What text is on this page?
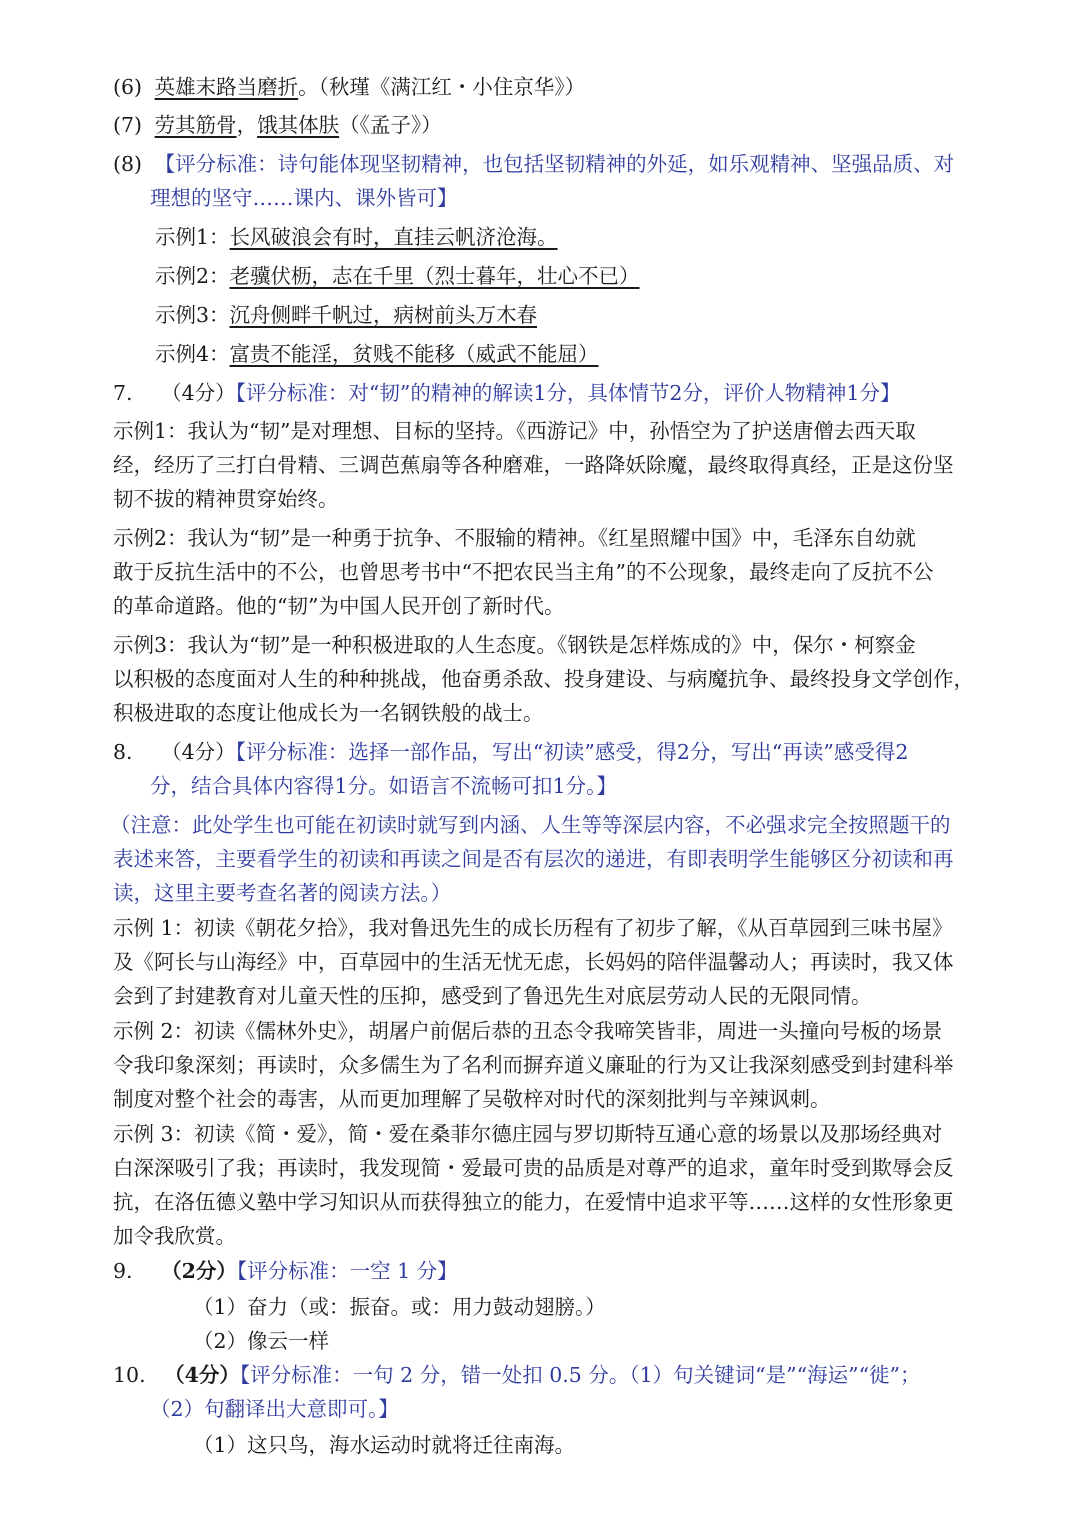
(6) 英雄末路当磨折。（秋瑾《满江红・小住京华》）
(7) 劳其筋骨，饿其体肤（《孟子》）
(8) 【评分标准：诗句能体现坚韧精神，也包括坚韧精神的外延，如乐观精神、坚强品质、对
理想的坚守……课内、课外皆可】
示例1：长风破浪会有时，直挂云帆济沧海。
示例2：老骥伏枥，志在千里（烈士暮年，壮心不已）
示例3：沉舟侧畔千帆过，病树前头万木春
示例4：富贵不能淫，贫贱不能移（威武不能屈）
7. （4分）【评分标准：对“韧”的精神的解读1分，具体情节2分，评价人物精神1分】
示例1：我认为“韧”是对理想、目标的坚持。《西游记》中，孙悟空为了护送唐僧去西天取
经，经历了三打白骨精、三调芭蕉扇等各种磨难，一路降妖除魔，最终取得真经，正是这份坚
韧不拔的精神贯穿始终。
示例2：我认为“韧”是一种勇于抗争、不服输的精神。《红星照耀中国》中，毛泽东自幼就
敢于反抗生活中的不公，也曾思考书中“不把农民当主角”的不公现象，最终走向了反抗不公
的革命道路。他的“韧”为中国人民开创了新时代。
示例3：我认为“韧”是一种积极进取的人生态度。《钢铁是怎样炼成的》中，保尔・柯察金
以积极的态度面对人生的种种挑战，他奋勇杀敌、投身建设、与病魔抗争、最终投身文学创作，
积极进取的态度让他成长为一名钢铁般的战士。
8. （4分）【评分标准：选择一部作品，写出“初读”感受，得2分，写出“再读”感受得2
分，结合具体内容得1分。如语言不流畅可扣1分。】
（注意：此处学生也可能在初读时就写到内涵、人生等等深层内容，不必强求完全按照题干的
表述来答，主要看学生的初读和再读之间是否有层次的递进，有即表明学生能够区分初读和再
读，这里主要考查名著的阅读方法。）
示例 1：初读《朝花夕拾》，我对鲁迅先生的成长历程有了初步了解，《从百草园到三味书屋》
及《阿长与山海经》中，百草园中的生活无忧无虑，长妈妈的陪伴温馨动人；再读时，我又体
会到了封建教育对儿童天性的压抑，感受到了鲁迅先生对底层劳动人民的无限同情。
示例 2：初读《儒林外史》，胡屠户前倨后恭的丑态令我啼笑皆非，周进一头撞向号板的场景
令我印象深刻；再读时，众多儒生为了名利而摒弃道义廉耻的行为又让我深刻感受到封建科举
制度对整个社会的毒害，从而更加理解了吴敬梓对时代的深刻批判与辛辣讽刺。
示例 3：初读《简・爱》，简・爱在桑菲尔德庄园与罗切斯特互通心意的场景以及那场经典对
白深深吸引了我；再读时，我发现简・爱最可贵的品质是对尊严的追求，童年时受到欺辱会反
抗，在洛伍德义塾中学习知识从而获得独立的能力，在爱情中追求平等……这样的女性形象更
加令我欣赏。
9. （2分）【评分标准：一空 1 分】
（1）奋力（或：振奋。或：用力鼓动翅膀。）
（2）像云一样
10. （4分）【评分标准：一句 2 分，错一处扣 0.5 分。（1）句关键词“是”“海运”“徙”；
（2）句翻译出大意即可。】
（1）这只鸟，海水运动时就将迁往南海。
